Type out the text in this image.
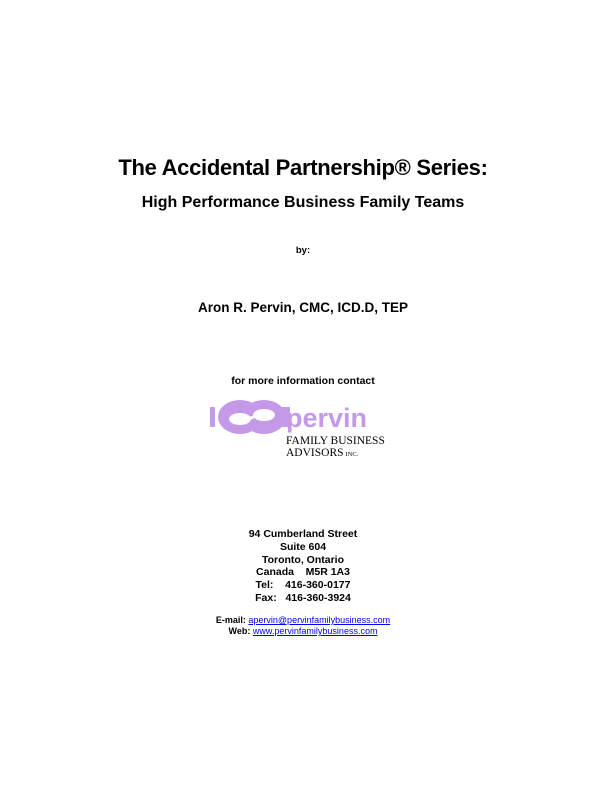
The Accidental Partnership® Series:
High Performance Business Family Teams
by:
Aron R. Pervin, CMC, ICD.D, TEP
for more information contact
pervin
FAMILY BUSINESS
ADVISORS INC.
94 Cumberland Street
Suite 604
Toronto, Ontario
Canada    M5R 1A3
Tel:    416-360-0177
Fax:   416-360-3924
E-mail: apervin@pervinfamilybusiness.com
Web: www.pervinfamilybusiness.com
